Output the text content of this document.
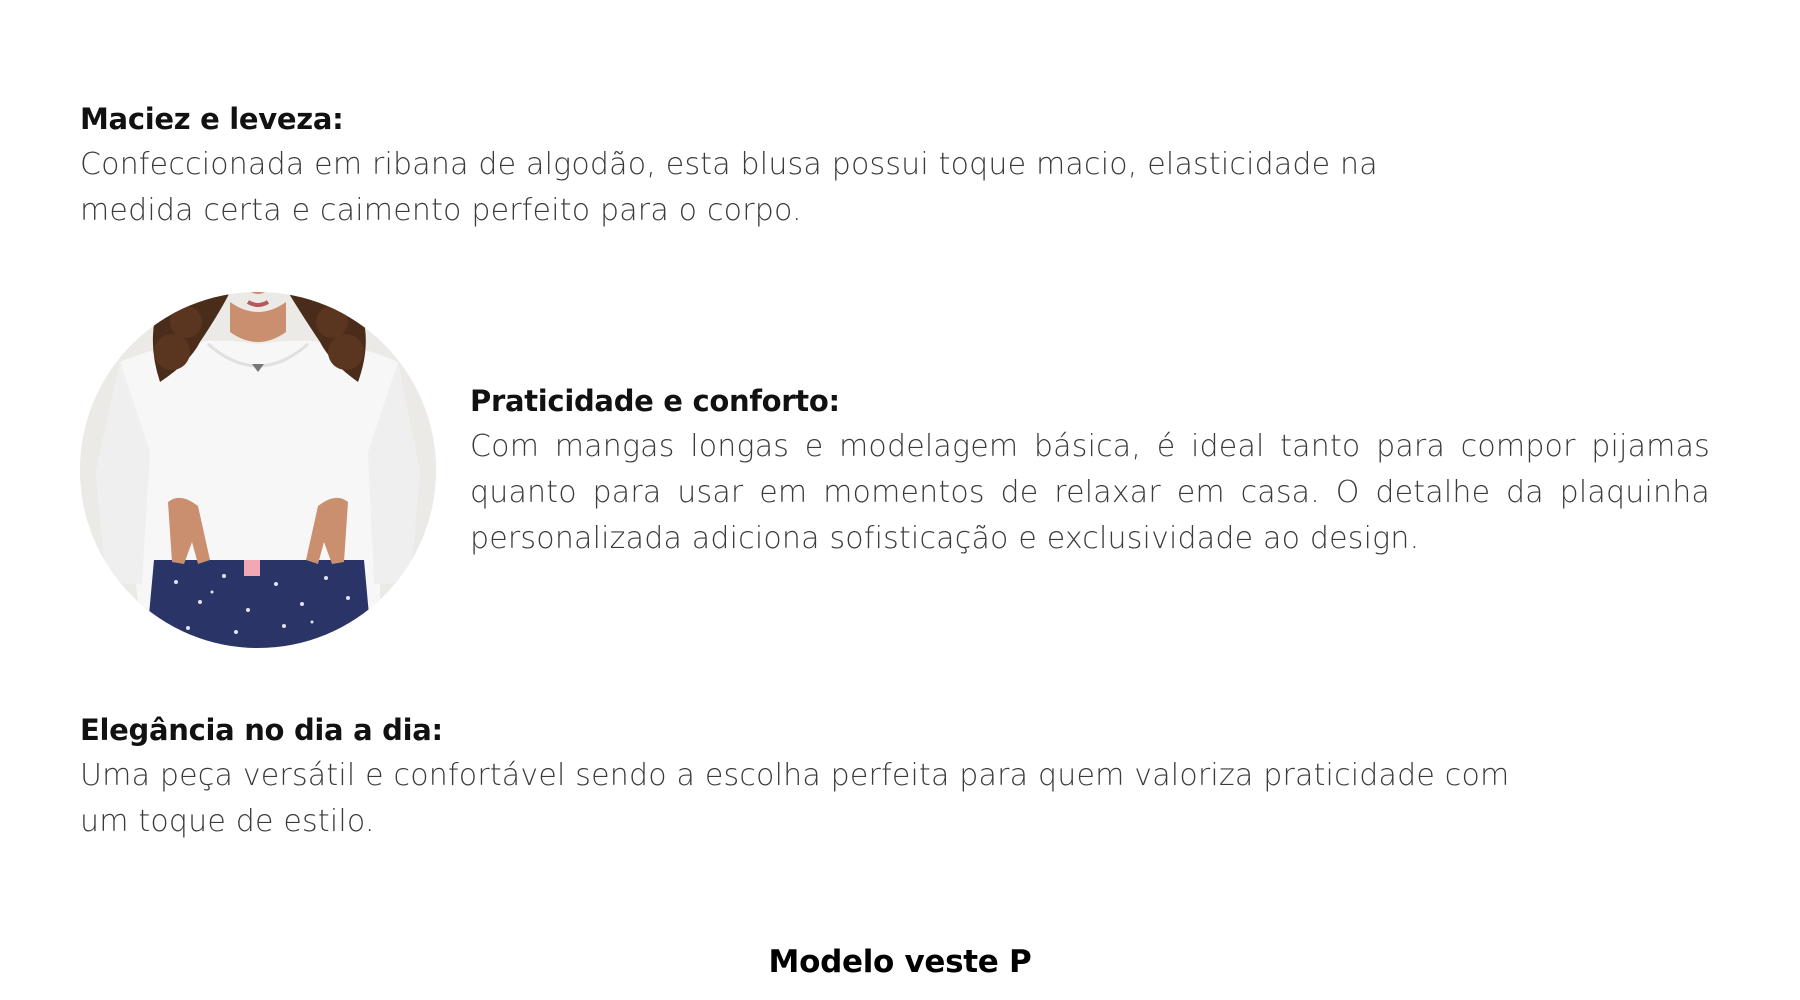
Maciez e leveza:

Confeccionada em ribana de algodão, esta blusa possui toque macio, elasticidade na

medida certa e caimento perfeito para o corpo.

Praticidade e conforto:

Com mangas longas e modelagem básica, é ideal tanto para compor pijamas quanto para usar em momentos de relaxar em casa. O detalhe da plaquinha personalizada adiciona sofisticação e exclusividade ao design.

Elegância no dia a dia:

Uma peça versátil e confortável sendo a escolha perfeita para quem valoriza praticidade com

um toque de estilo.

Modelo veste P
